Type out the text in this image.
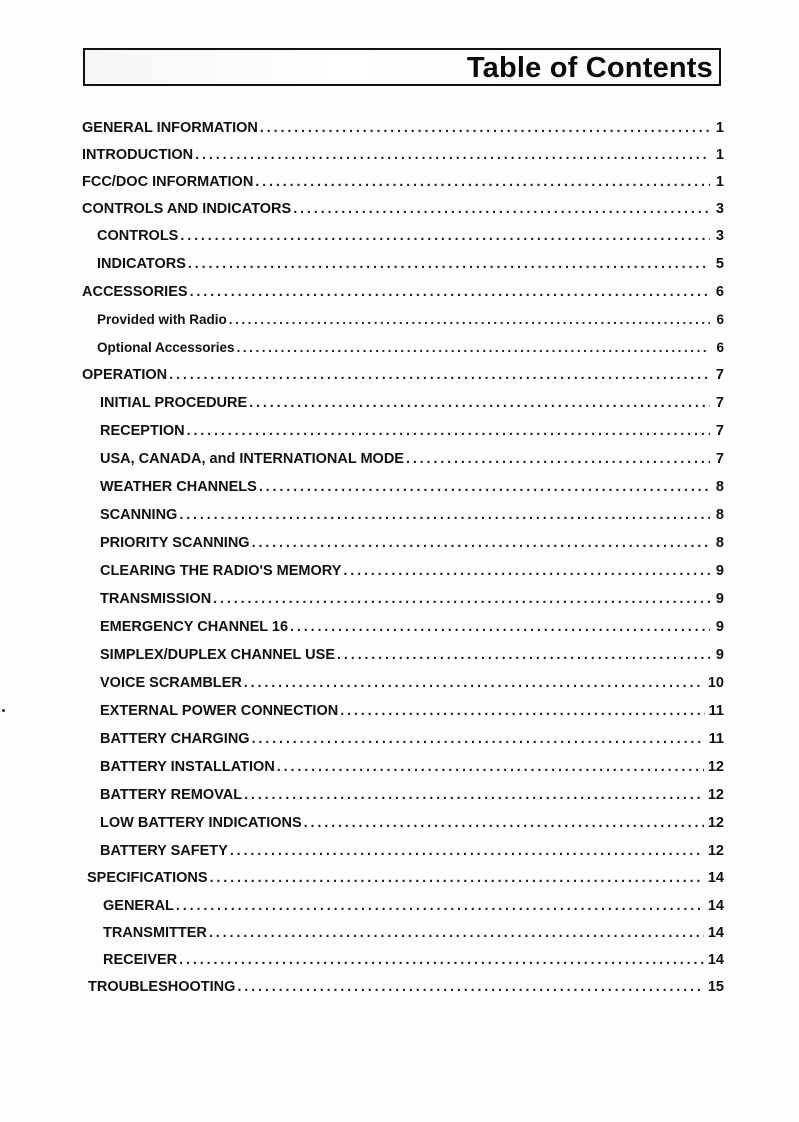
Table of Contents
GENERAL INFORMATION . . .	1
INTRODUCTION . . .	1
FCC/DOC INFORMATION . . .	1
CONTROLS AND INDICATORS . . .	3
CONTROLS . . .	3
INDICATORS . . .	5
ACCESSORIES . . .	6
Provided with Radio . . .	6
Optional Accessories . . .	6
OPERATION . . .	7
INITIAL PROCEDURE . . .	7
RECEPTION . . .	7
USA, CANADA, and INTERNATIONAL MODE . . .	7
WEATHER CHANNELS . . .	8
SCANNING . . .	8
PRIORITY SCANNING . . .	8
CLEARING THE RADIO'S MEMORY . . .	9
TRANSMISSION . . .	9
EMERGENCY CHANNEL 16 . . .	9
SIMPLEX/DUPLEX CHANNEL USE . . .	9
VOICE SCRAMBLER . . .	10
EXTERNAL POWER CONNECTION . . .	11
BATTERY CHARGING . . .	11
BATTERY INSTALLATION . . .	12
BATTERY REMOVAL . . .	12
LOW BATTERY INDICATIONS . . .	12
BATTERY SAFETY . . .	12
SPECIFICATIONS . . .	14
GENERAL . . .	14
TRANSMITTER . . .	14
RECEIVER . . .	14
TROUBLESHOOTING . . .	15
